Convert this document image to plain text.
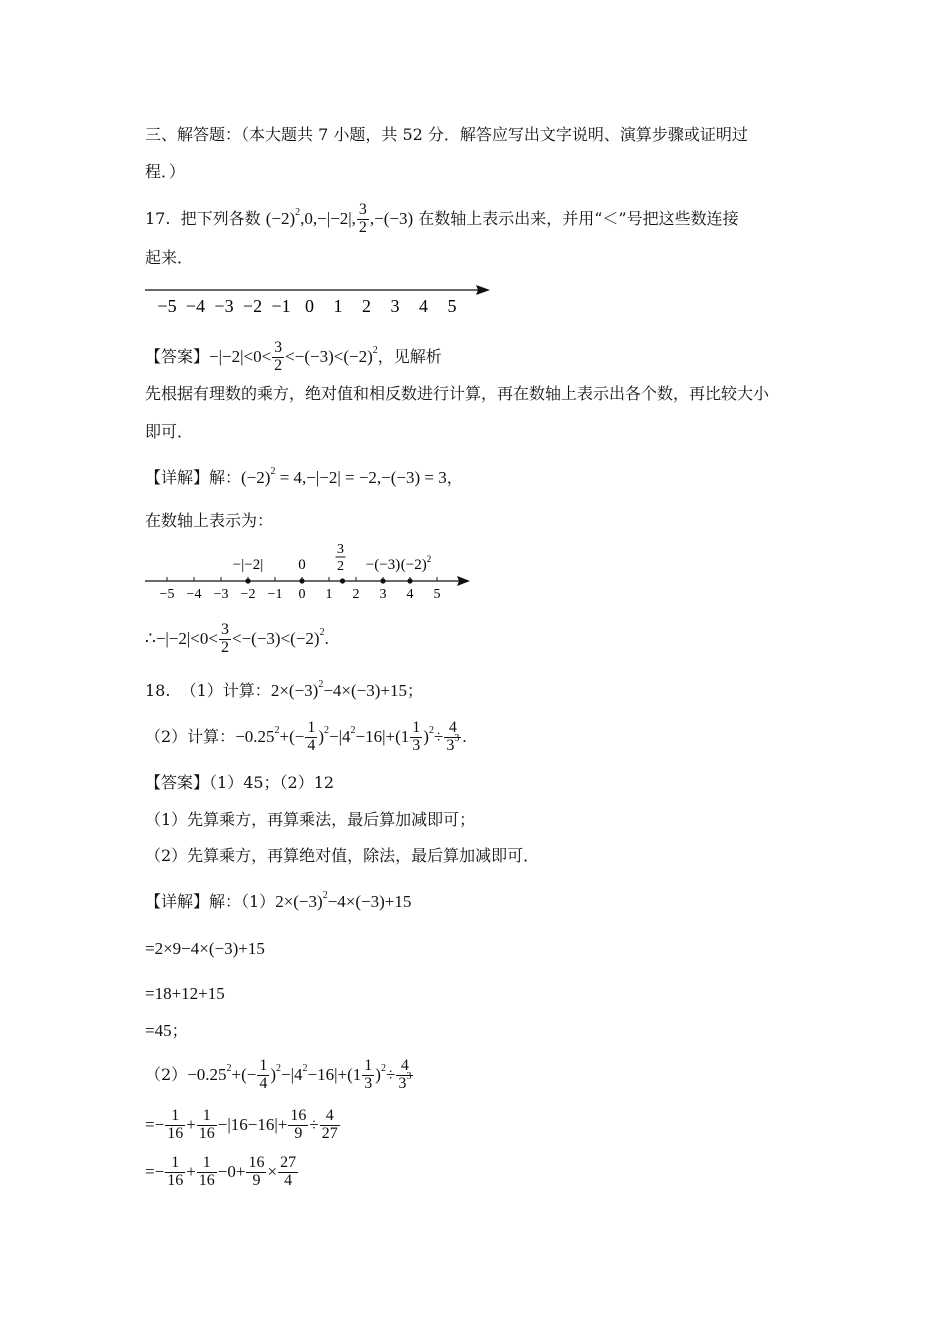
三、解答题：（本大题共 7 小题，共 52 分．解答应写出文字说明、演算步骤或证明过
程．）
17. 把下列各数 $(-2)^2,0,-|-2|$, $\frac{3}{2} ,-(-3)$ 在数轴上表示出来，并用“＜”号把这些数连接
起来．
−5 −4 −3 −2 −1 0 1 2 3 4 5
【答案】$-|-2|<0< \frac{3}{2} <-(-3)<(-2)^2$，见解析
先根据有理数的乘方，绝对值和相反数进行计算，再在数轴上表示出各个数，再比较大小
即可．
【详解】解：$(-2)^2 = 4,-|-2| = -2,-(-3) = 3$，
在数轴上表示为：
−5 −4 −3 −2 −1 0 1 2 3 4 5
−|−2| 0
3
2 −(−3) $(-2)^2$
∴−|−2|<0< $\frac{3}{2} <-(-3)<(-2)^2$.
18. （1）计算：$2\times(-3)^2-4\times(-3)+15$；
（2）计算：$-0.25^2+(- \frac{1}{4} )^2-|4^2-16|+(1 \frac{1}{3} )^2\div \frac{4}{3^3}$ .
【答案】（1）45；（2）12
（1）先算乘方，再算乘法，最后算加减即可；
（2）先算乘方，再算绝对值，除法，最后算加减即可．
【详解】解：$(1)2\times(-3)^2-4\times(-3)+15$
=2×9−4×(−3)+15
=18+12+15
=45；
$(2)-0.25^2+(- \frac{1}{4} )^2-|4^2-16|+(1 \frac{1}{3} )^2\div \frac{4}{3^3}$
=− $\frac{1}{16} + \frac{1}{16} -|16-16|+ \frac{16}{9} \div \frac{4}{27}$
=− $\frac{1}{16} + \frac{1}{16} -0+ \frac{16}{9} \times \frac{27}{4}$
